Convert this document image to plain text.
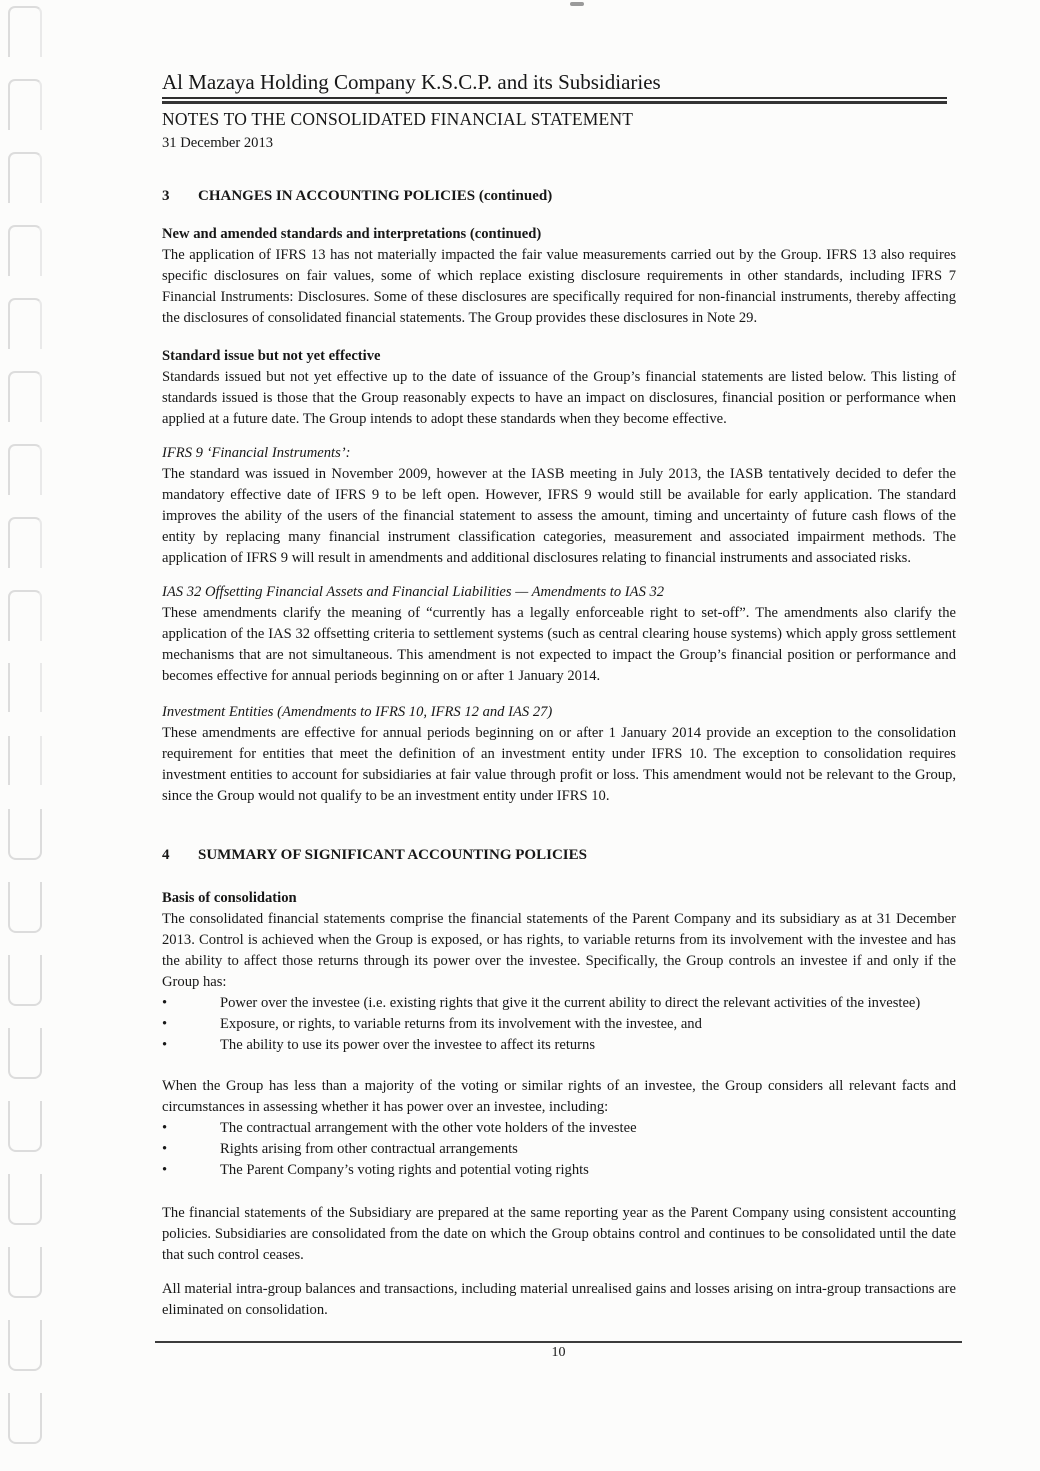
Al Mazaya Holding Company K.S.C.P. and its Subsidiaries
NOTES TO THE CONSOLIDATED FINANCIAL STATEMENT
31 December 2013
3 CHANGES IN ACCOUNTING POLICIES (continued)
New and amended standards and interpretations (continued)

The application of IFRS 13 has not materially impacted the fair value measurements carried out by the Group. IFRS 13 also requires specific disclosures on fair values, some of which replace existing disclosure requirements in other standards, including IFRS 7 Financial Instruments: Disclosures. Some of these disclosures are specifically required for non-financial instruments, thereby affecting the disclosures of consolidated financial statements. The Group provides these disclosures in Note 29.

Standard issue but not yet effective

Standards issued but not yet effective up to the date of issuance of the Group’s financial statements are listed below. This listing of standards issued is those that the Group reasonably expects to have an impact on disclosures, financial position or performance when applied at a future date. The Group intends to adopt these standards when they become effective.

IFRS 9 ‘Financial Instruments’:

The standard was issued in November 2009, however at the IASB meeting in July 2013, the IASB tentatively decided to defer the mandatory effective date of IFRS 9 to be left open. However, IFRS 9 would still be available for early application. The standard improves the ability of the users of the financial statement to assess the amount, timing and uncertainty of future cash flows of the entity by replacing many financial instrument classification categories, measurement and associated impairment methods. The application of IFRS 9 will result in amendments and additional disclosures relating to financial instruments and associated risks.

IAS 32 Offsetting Financial Assets and Financial Liabilities — Amendments to IAS 32

These amendments clarify the meaning of “currently has a legally enforceable right to set-off”. The amendments also clarify the application of the IAS 32 offsetting criteria to settlement systems (such as central clearing house systems) which apply gross settlement mechanisms that are not simultaneous. This amendment is not expected to impact the Group’s financial position or performance and becomes effective for annual periods beginning on or after 1 January 2014.

Investment Entities (Amendments to IFRS 10, IFRS 12 and IAS 27)

These amendments are effective for annual periods beginning on or after 1 January 2014 provide an exception to the consolidation requirement for entities that meet the definition of an investment entity under IFRS 10. The exception to consolidation requires investment entities to account for subsidiaries at fair value through profit or loss. This amendment would not be relevant to the Group, since the Group would not qualify to be an investment entity under IFRS 10.

4 SUMMARY OF SIGNIFICANT ACCOUNTING POLICIES
Basis of consolidation

The consolidated financial statements comprise the financial statements of the Parent Company and its subsidiary as at 31 December 2013. Control is achieved when the Group is exposed, or has rights, to variable returns from its involvement with the investee and has the ability to affect those returns through its power over the investee. Specifically, the Group controls an investee if and only if the Group has:

•	Power over the investee (i.e. existing rights that give it the current ability to direct the relevant activities of the investee)
•	Exposure, or rights, to variable returns from its involvement with the investee, and
•	The ability to use its power over the investee to affect its returns

When the Group has less than a majority of the voting or similar rights of an investee, the Group considers all relevant facts and circumstances in assessing whether it has power over an investee, including:

•	The contractual arrangement with the other vote holders of the investee
•	Rights arising from other contractual arrangements
•	The Parent Company’s voting rights and potential voting rights

The financial statements of the Subsidiary are prepared at the same reporting year as the Parent Company using consistent accounting policies. Subsidiaries are consolidated from the date on which the Group obtains control and continues to be consolidated until the date that such control ceases.

All material intra-group balances and transactions, including material unrealised gains and losses arising on intra-group transactions are eliminated on consolidation.

10
